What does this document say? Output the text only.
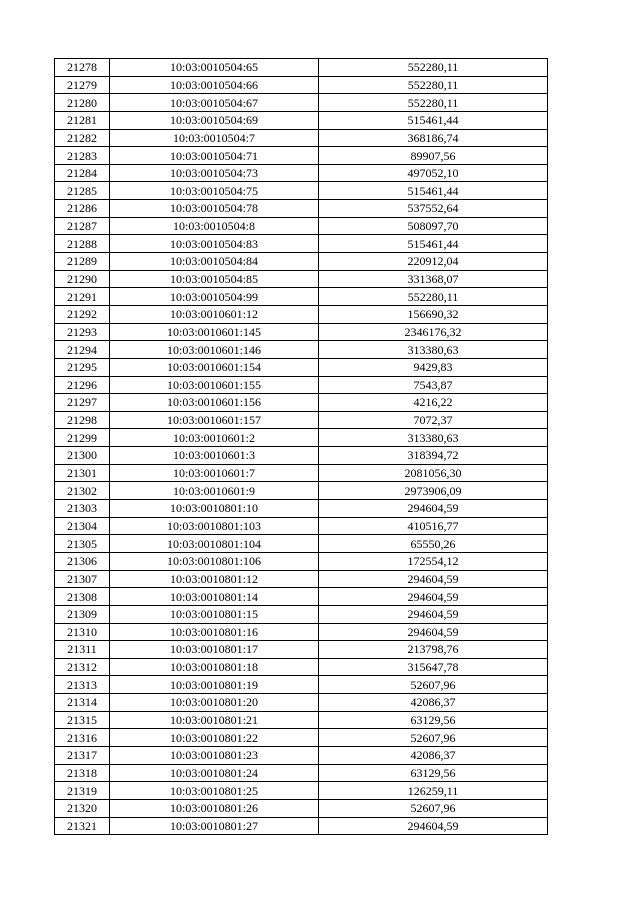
21278	10:03:0010504:65	552280,11
21279	10:03:0010504:66	552280,11
21280	10:03:0010504:67	552280,11
21281	10:03:0010504:69	515461,44
21282	10:03:0010504:7	368186,74
21283	10:03:0010504:71	89907,56
21284	10:03:0010504:73	497052,10
21285	10:03:0010504:75	515461,44
21286	10:03:0010504:78	537552,64
21287	10:03:0010504:8	508097,70
21288	10:03:0010504:83	515461,44
21289	10:03:0010504:84	220912,04
21290	10:03:0010504:85	331368,07
21291	10:03:0010504:99	552280,11
21292	10:03:0010601:12	156690,32
21293	10:03:0010601:145	2346176,32
21294	10:03:0010601:146	313380,63
21295	10:03:0010601:154	9429,83
21296	10:03:0010601:155	7543,87
21297	10:03:0010601:156	4216,22
21298	10:03:0010601:157	7072,37
21299	10:03:0010601:2	313380,63
21300	10:03:0010601:3	318394,72
21301	10:03:0010601:7	2081056,30
21302	10:03:0010601:9	2973906,09
21303	10:03:0010801:10	294604,59
21304	10:03:0010801:103	410516,77
21305	10:03:0010801:104	65550,26
21306	10:03:0010801:106	172554,12
21307	10:03:0010801:12	294604,59
21308	10:03:0010801:14	294604,59
21309	10:03:0010801:15	294604,59
21310	10:03:0010801:16	294604,59
21311	10:03:0010801:17	213798,76
21312	10:03:0010801:18	315647,78
21313	10:03:0010801:19	52607,96
21314	10:03:0010801:20	42086,37
21315	10:03:0010801:21	63129,56
21316	10:03:0010801:22	52607,96
21317	10:03:0010801:23	42086,37
21318	10:03:0010801:24	63129,56
21319	10:03:0010801:25	126259,11
21320	10:03:0010801:26	52607,96
21321	10:03:0010801:27	294604,59
